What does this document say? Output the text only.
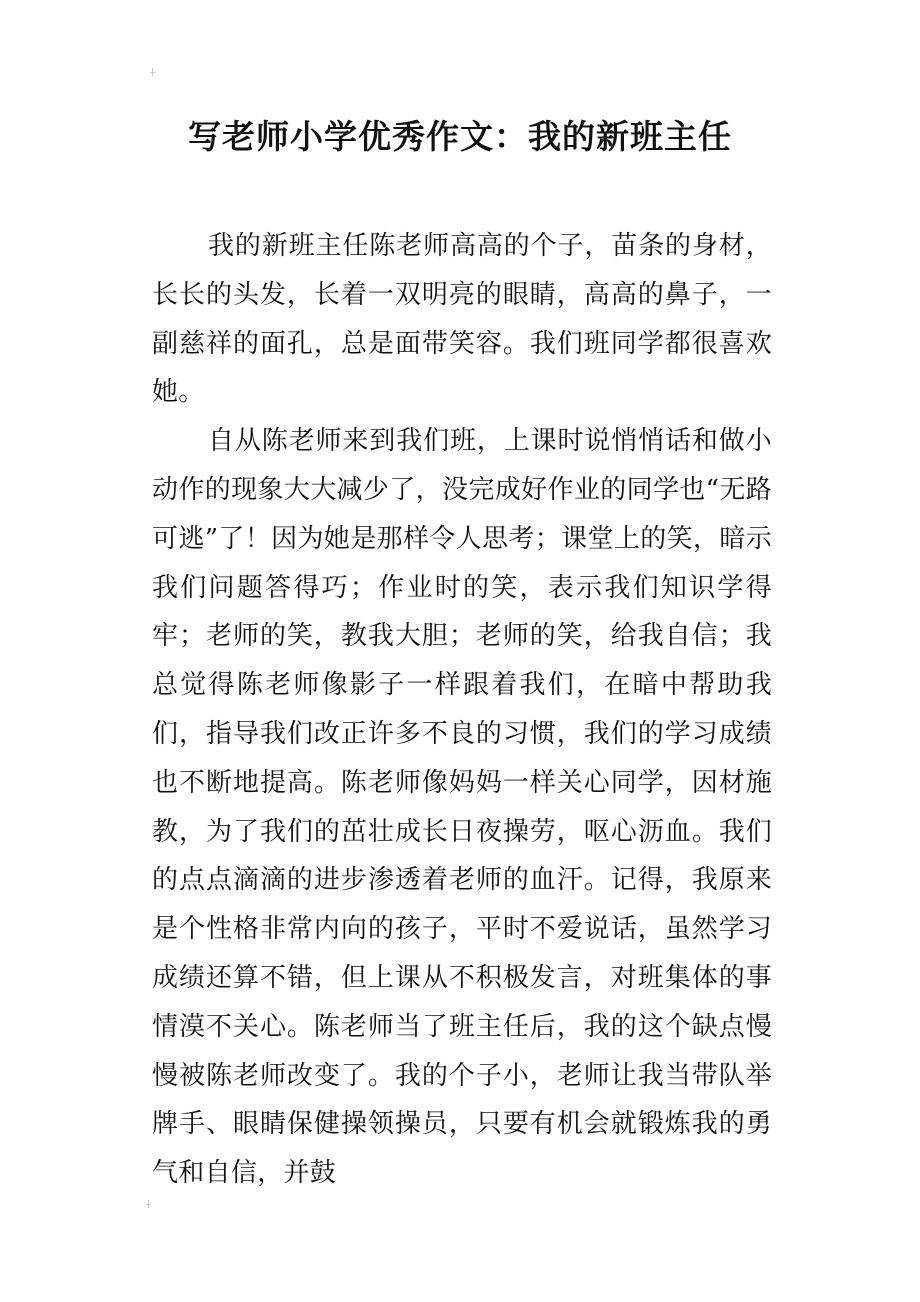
写老师小学优秀作文：我的新班主任

我的新班主任陈老师高高的个子，苗条的身材，长长的头发，长着一双明亮的眼睛，高高的鼻子，一副慈祥的面孔，总是面带笑容。我们班同学都很喜欢她。

自从陈老师来到我们班，上课时说悄悄话和做小动作的现象大大减少了，没完成好作业的同学也“无路可逃”了！因为她是那样令人思考；课堂上的笑，暗示我们问题答得巧；作业时的笑，表示我们知识学得牢；老师的笑，教我大胆；老师的笑，给我自信；我总觉得陈老师像影子一样跟着我们，在暗中帮助我们，指导我们改正许多不良的习惯，我们的学习成绩也不断地提高。陈老师像妈妈一样关心同学，因材施教，为了我们的茁壮成长日夜操劳，呕心沥血。我们的点点滴滴的进步渗透着老师的血汗。记得，我原来是个性格非常内向的孩子，平时不爱说话，虽然学习成绩还算不错，但上课从不积极发言，对班集体的事情漠不关心。陈老师当了班主任后，我的这个缺点慢慢被陈老师改变了。我的个子小，老师让我当带队举牌手、眼睛保健操领操员，只要有机会就锻炼我的勇气和自信，并鼓
